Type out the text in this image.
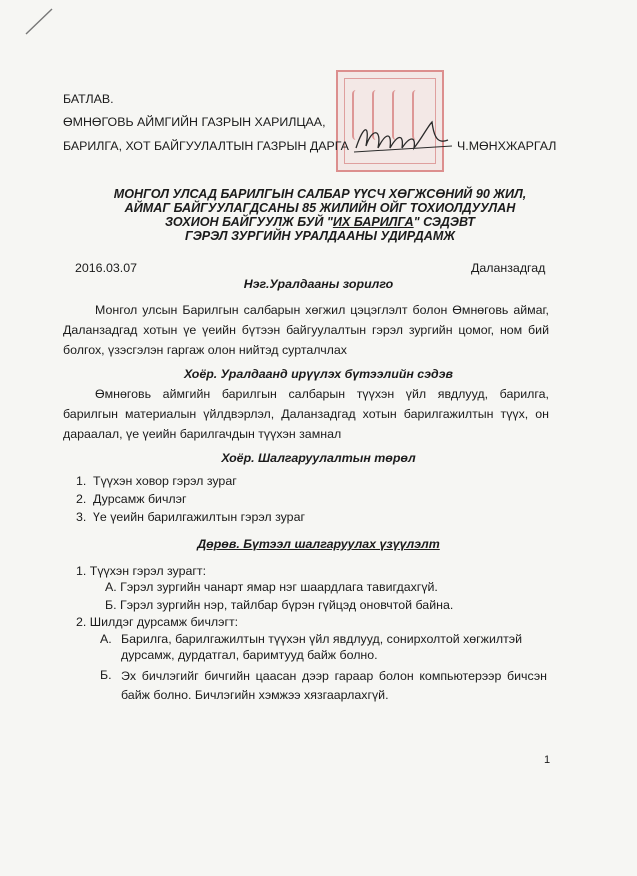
БАТЛАВ.
ӨМНӨГОВЬ АЙМГИЙН ГАЗРЫН ХАРИЛЦАА,
БАРИЛГА, ХОТ БАЙГУУЛАЛТЫН ГАЗРЫН ДАРГА	Ч.МӨНХЖАРГАЛ
МОНГОЛ УЛСАД БАРИЛГЫН САЛБАР ҮҮСЧ ХӨГЖСӨНИЙ 90 ЖИЛ,
АЙМАГ БАЙГУУЛАГДСАНЫ 85 ЖИЛИЙН ОЙГ ТОХИОЛДУУЛАН
ЗОХИОН БАЙГУУЛЖ БУЙ "ИХ БАРИЛГА" СЭДЭВТ
ГЭРЭЛ ЗУРГИЙН УРАЛДААНЫ УДИРДАМЖ
2016.03.07	Даланзадгад
Нэг.Уралдааны зорилго
Монгол улсын Барилгын салбарын хөгжил цэцэглэлт болон Өмнөговь аймаг, Даланзадгад хотын үе үеийн бүтээн байгуулалтын гэрэл зургийн цомог, ном бий болгох, үзэсгэлэн гаргаж олон нийтэд сурталчлах
Хоёр. Уралдаанд ирүүлэх бүтээлийн сэдэв
Өмнөговь аймгийн барилгын салбарын түүхэн үйл явдлууд, барилга, барилгын материалын үйлдвэрлэл, Даланзадгад хотын барилгажилтын түүх, он дараалал, үе үеийн барилгачдын түүхэн замнал
Хоёр. Шалгаруулалтын төрөл
1. Түүхэн ховор гэрэл зураг
2. Дурсамж бичлэг
3. Үе үеийн барилгажилтын гэрэл зураг
Дөрөв. Бүтээл шалгаруулах үзүүлэлт
1. Түүхэн гэрэл зурагт:
А. Гэрэл зургийн чанарт ямар нэг шаардлага тавигдахгүй.
Б. Гэрэл зургийн нэр, тайлбар бүрэн гүйцэд оновчтой байна.
2. Шилдэг дурсамж бичлэгт:
А. Барилга, барилгажилтын түүхэн үйл явдлууд, сонирхолтой хөгжилтэй дурсамж, дурдатгал, баримтууд байж болно.
Б. Эх бичлэгийг бичгийн цаасан дээр гараар болон компьютерээр бичсэн байж болно. Бичлэгийн хэмжээ хязгаарлахгүй.
1
